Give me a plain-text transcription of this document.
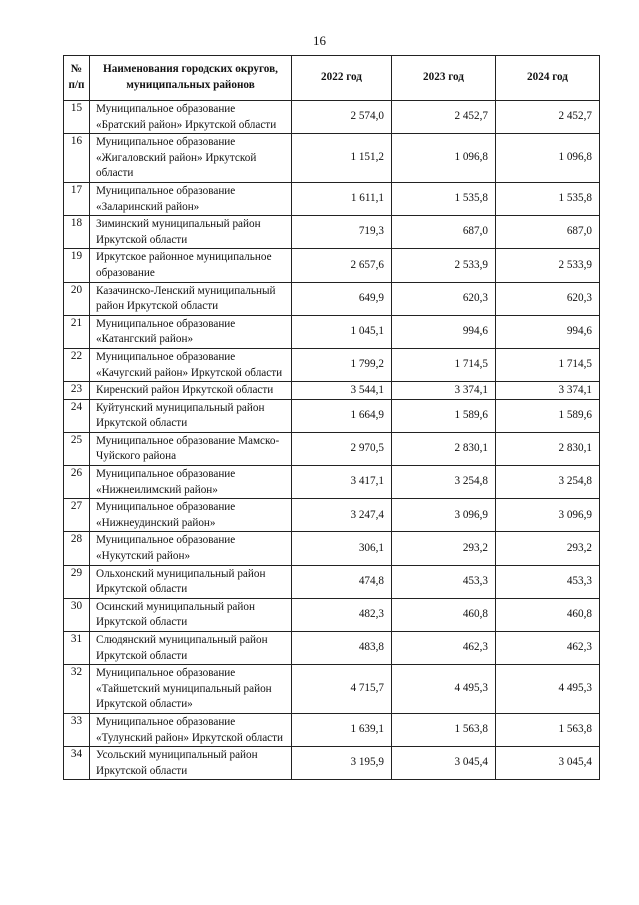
16
№ п/п	Наименования городских округов, муниципальных районов	2022 год	2023 год	2024 год
15	Муниципальное образование «Братский район» Иркутской области	2 574,0	2 452,7	2 452,7
16	Муниципальное образование «Жигаловский район» Иркутской области	1 151,2	1 096,8	1 096,8
17	Муниципальное образование «Заларинский район»	1 611,1	1 535,8	1 535,8
18	Зиминский муниципальный район Иркутской области	719,3	687,0	687,0
19	Иркутское районное муниципальное образование	2 657,6	2 533,9	2 533,9
20	Казачинско-Ленский муниципальный район Иркутской области	649,9	620,3	620,3
21	Муниципальное образование «Катангский район»	1 045,1	994,6	994,6
22	Муниципальное образование «Качугский район» Иркутской области	1 799,2	1 714,5	1 714,5
23	Киренский район Иркутской области	3 544,1	3 374,1	3 374,1
24	Куйтунский муниципальный район Иркутской области	1 664,9	1 589,6	1 589,6
25	Муниципальное образование Мамско-Чуйского района	2 970,5	2 830,1	2 830,1
26	Муниципальное образование «Нижнеилимский район»	3 417,1	3 254,8	3 254,8
27	Муниципальное образование «Нижнеудинский район»	3 247,4	3 096,9	3 096,9
28	Муниципальное образование «Нукутский район»	306,1	293,2	293,2
29	Ольхонский муниципальный район Иркутской области	474,8	453,3	453,3
30	Осинский муниципальный район Иркутской области	482,3	460,8	460,8
31	Слюдянский муниципальный район Иркутской области	483,8	462,3	462,3
32	Муниципальное образование «Тайшетский муниципальный район Иркутской области»	4 715,7	4 495,3	4 495,3
33	Муниципальное образование «Тулунский район» Иркутской области	1 639,1	1 563,8	1 563,8
34	Усольский муниципальный район Иркутской области	3 195,9	3 045,4	3 045,4
